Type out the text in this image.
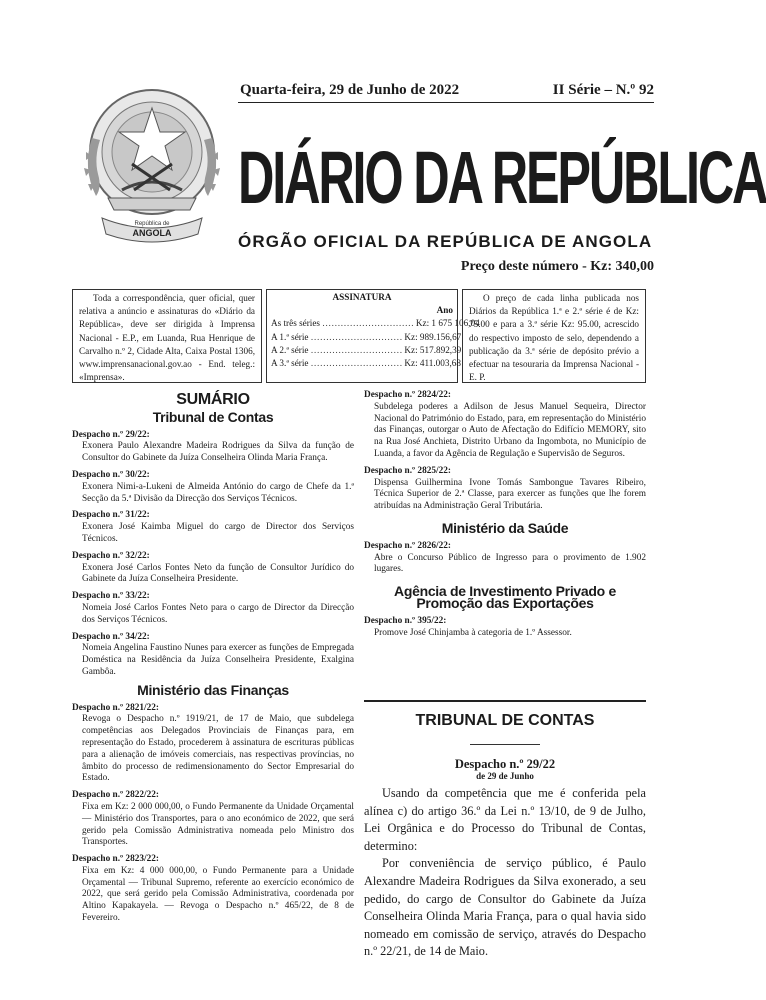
República de
ANGOLA
Quarta-feira, 29 de Junho de 2022	II Série – N.º 92
DIÁRIO DA REPÚBLICA
ÓRGÃO OFICIAL DA REPÚBLICA DE ANGOLA
Preço deste número - Kz: 340,00

Toda a correspondência, quer oficial, quer relativa a anúncio e assinaturas do «Diário da República», deve ser dirigida à Imprensa Nacional - E.P., em Luanda, Rua Henrique de Carvalho n.º 2, Cidade Alta, Caixa Postal 1306, www.imprensanacional.gov.ao - End. teleg.: «Imprensa».

ASSINATURA
Ano
As três séries ………………………… Kz: 1 675 106,04
A 1.ª série ………………………… Kz: 989.156,67
A 2.ª série ………………………… Kz: 517.892,39
A 3.ª série ………………………… Kz: 411.003,68

O preço de cada linha publicada nos Diários da República 1.ª e 2.ª série é de Kz: 75.00 e para a 3.ª série Kz: 95.00, acrescido do respectivo imposto de selo, dependendo a publicação da 3.ª série de depósito prévio a efectuar na tesouraria da Imprensa Nacional - E. P.

SUMÁRIO
Tribunal de Contas
Despacho n.º 29/22:
Exonera Paulo Alexandre Madeira Rodrigues da Silva da função de Consultor do Gabinete da Juíza Conselheira Olinda Maria França.
Despacho n.º 30/22:
Exonera Nimi-a-Lukeni de Almeida António do cargo de Chefe da 1.ª Secção da 5.ª Divisão da Direcção dos Serviços Técnicos.
Despacho n.º 31/22:
Exonera José Kaimba Miguel do cargo de Director dos Serviços Técnicos.
Despacho n.º 32/22:
Exonera José Carlos Fontes Neto da função de Consultor Jurídico do Gabinete da Juíza Conselheira Presidente.
Despacho n.º 33/22:
Nomeia José Carlos Fontes Neto para o cargo de Director da Direcção dos Serviços Técnicos.
Despacho n.º 34/22:
Nomeia Angelina Faustino Nunes para exercer as funções de Empregada Doméstica na Residência da Juíza Conselheira Presidente, Exalgina Gambôa.
Ministério das Finanças
Despacho n.º 2821/22:
Revoga o Despacho n.º 1919/21, de 17 de Maio, que subdelega competências aos Delegados Provinciais de Finanças para, em representação do Estado, procederem à assinatura de escrituras públicas para a alienação de imóveis comerciais, nas respectivas províncias, no âmbito do processo de redimensionamento do Sector Empresarial do Estado.
Despacho n.º 2822/22:
Fixa em Kz: 2 000 000,00, o Fundo Permanente da Unidade Orçamental — Ministério dos Transportes, para o ano económico de 2022, que será gerido pela Comissão Administrativa nomeada pelo Ministro dos Transportes.
Despacho n.º 2823/22:
Fixa em Kz: 4 000 000,00, o Fundo Permanente para a Unidade Orçamental — Tribunal Supremo, referente ao exercício económico de 2022, que será gerido pela Comissão Administrativa, coordenada por Altino Kapakayela. — Revoga o Despacho n.º 465/22, de 8 de Fevereiro.
Despacho n.º 2824/22:
Subdelega poderes a Adilson de Jesus Manuel Sequeira, Director Nacional do Património do Estado, para, em representação do Ministério das Finanças, outorgar o Auto de Afectação do Edifício MEMORY, sito na Rua José Anchieta, Distrito Urbano da Ingombota, no Município de Luanda, a favor da Agência de Regulação e Supervisão de Seguros.
Despacho n.º 2825/22:
Dispensa Guilhermina Ivone Tomás Sambongue Tavares Ribeiro, Técnica Superior de 2.ª Classe, para exercer as funções que lhe forem atribuídas na Administração Geral Tributária.
Ministério da Saúde
Despacho n.º 2826/22:
Abre o Concurso Público de Ingresso para o provimento de 1.902 lugares.
Agência de Investimento Privado e Promoção das Exportações
Despacho n.º 395/22:
Promove José Chinjamba à categoria de 1.º Assessor.
TRIBUNAL DE CONTAS
Despacho n.º 29/22
de 29 de Junho

Usando da competência que me é conferida pela alínea c) do artigo 36.º da Lei n.º 13/10, de 9 de Julho, Lei Orgânica e do Processo do Tribunal de Contas, determino:

Por conveniência de serviço público, é Paulo Alexandre Madeira Rodrigues da Silva exonerado, a seu pedido, do cargo de Consultor do Gabinete da Juíza Conselheira Olinda Maria França, para o qual havia sido nomeado em comissão de serviço, através do Despacho n.º 22/21, de 14 de Maio.
